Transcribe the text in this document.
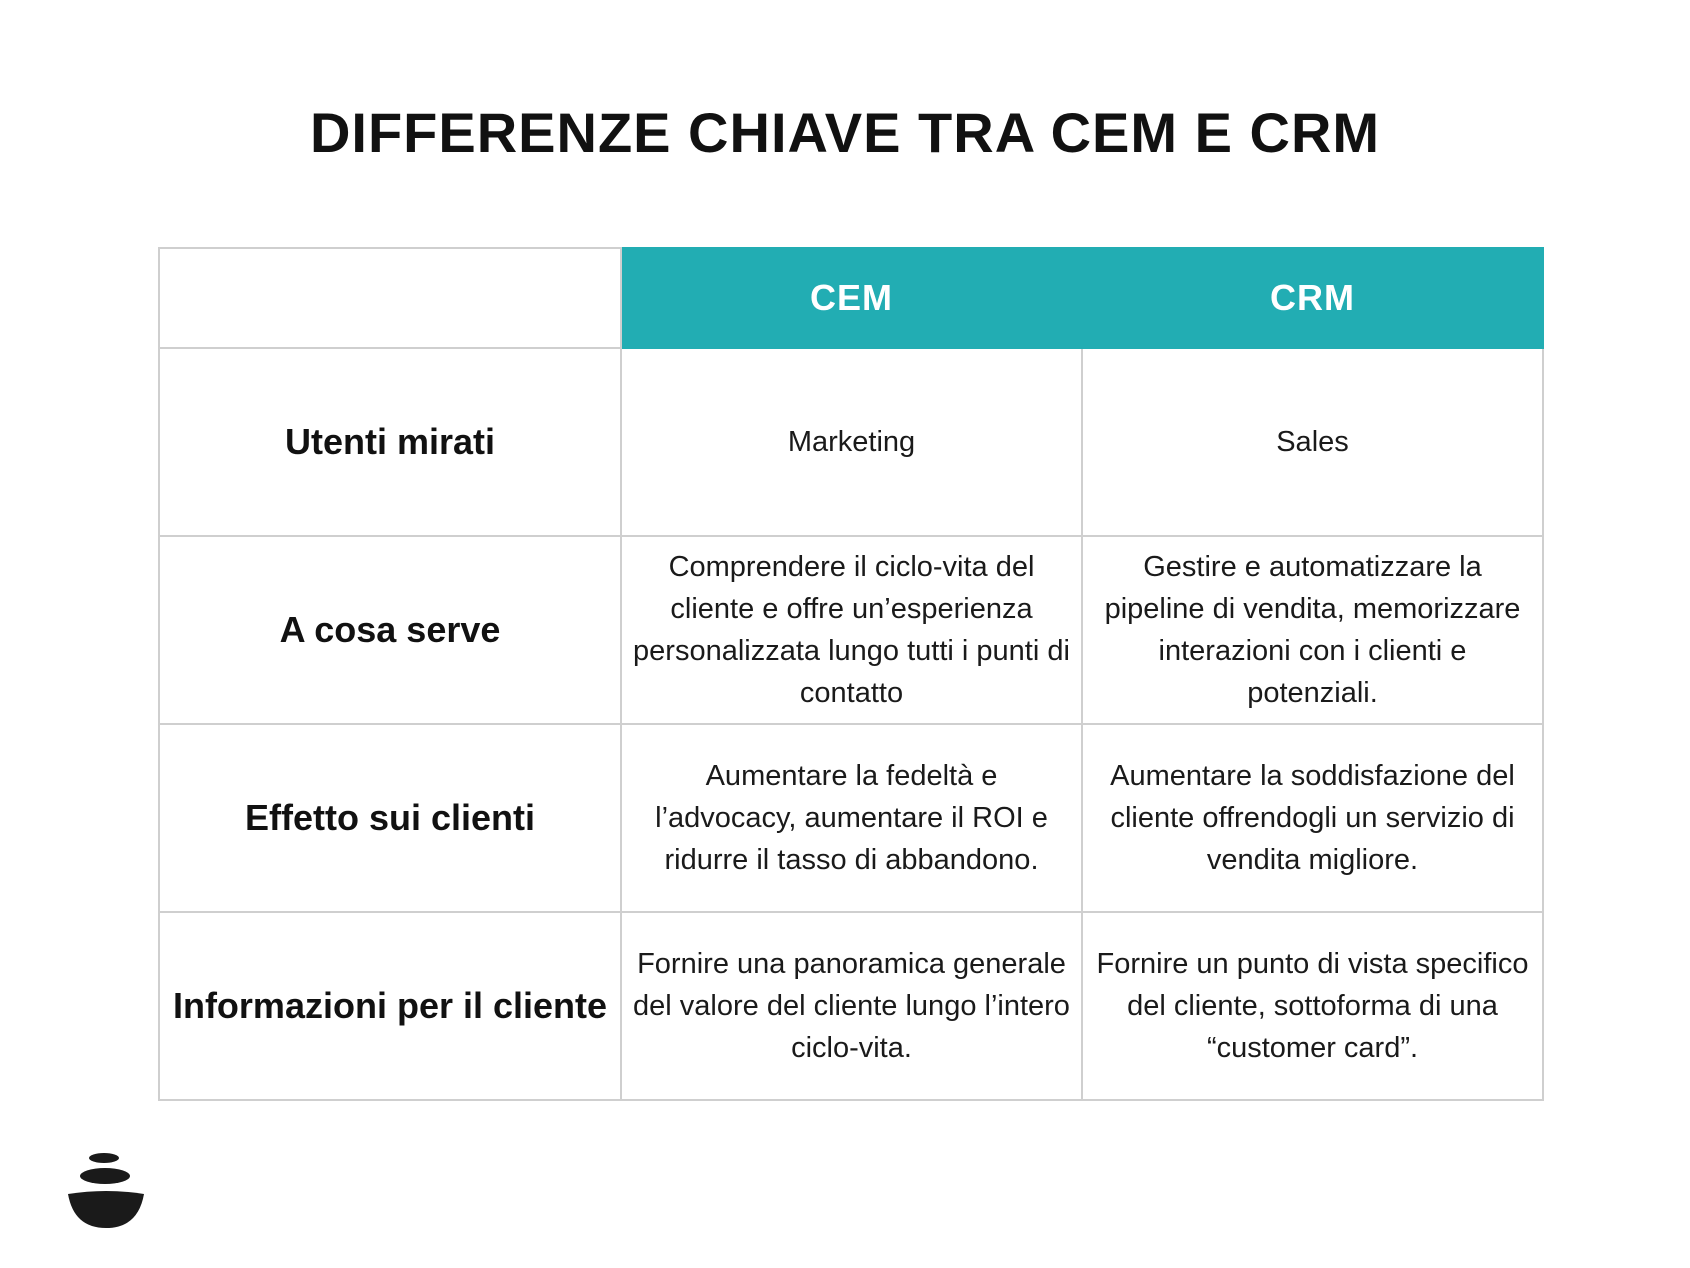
DIFFERENZE CHIAVE TRA CEM E CRM
	CEM	CRM
Utenti mirati	Marketing	Sales
A cosa serve	Comprendere il ciclo-vita del cliente e offre un’esperienza personalizzata lungo tutti i punti di contatto	Gestire e automatizzare la pipeline di vendita, memorizzare interazioni con i clienti e potenziali.
Effetto sui clienti	Aumentare la fedeltà e l’advocacy, aumentare il ROI e ridurre il tasso di abbandono.	Aumentare la soddisfazione del cliente offrendogli un servizio di vendita migliore.
Informazioni per il cliente	Fornire una panoramica generale del valore del cliente lungo l’intero ciclo-vita.	Fornire un punto di vista specifico del cliente, sottoforma di una “customer card”.
